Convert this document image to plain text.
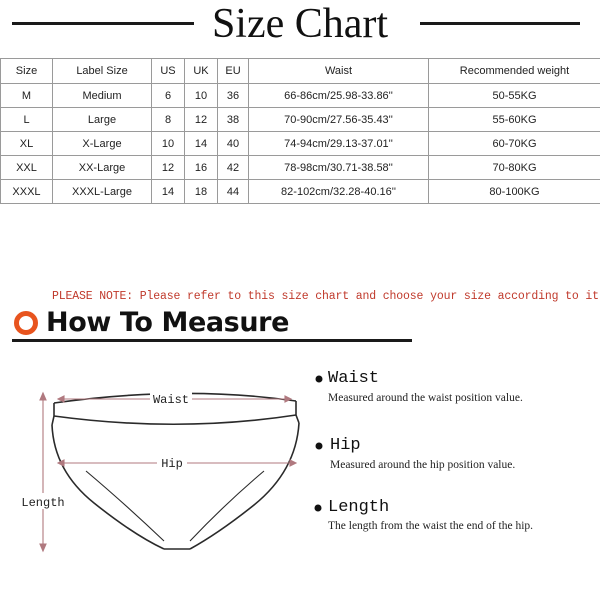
Size Chart
Size	Label Size	US	UK	EU	Waist	Recommended weight
M	Medium	6	10	36	66-86cm/25.98-33.86''	50-55KG
L	Large	8	12	38	70-90cm/27.56-35.43''	55-60KG
XL	X-Large	10	14	40	74-94cm/29.13-37.01''	60-70KG
XXL	XX-Large	12	16	42	78-98cm/30.71-38.58''	70-80KG
XXXL	XXXL-Large	14	18	44	82-102cm/32.28-40.16''	80-100KG
PLEASE NOTE: Please refer to this size chart and choose your size according to it
How To Measure
Waist
Hip
Length
Waist
Measured around the waist position value.
Hip
Measured around the hip position value.
Length
The length from the waist the end of the hip.
